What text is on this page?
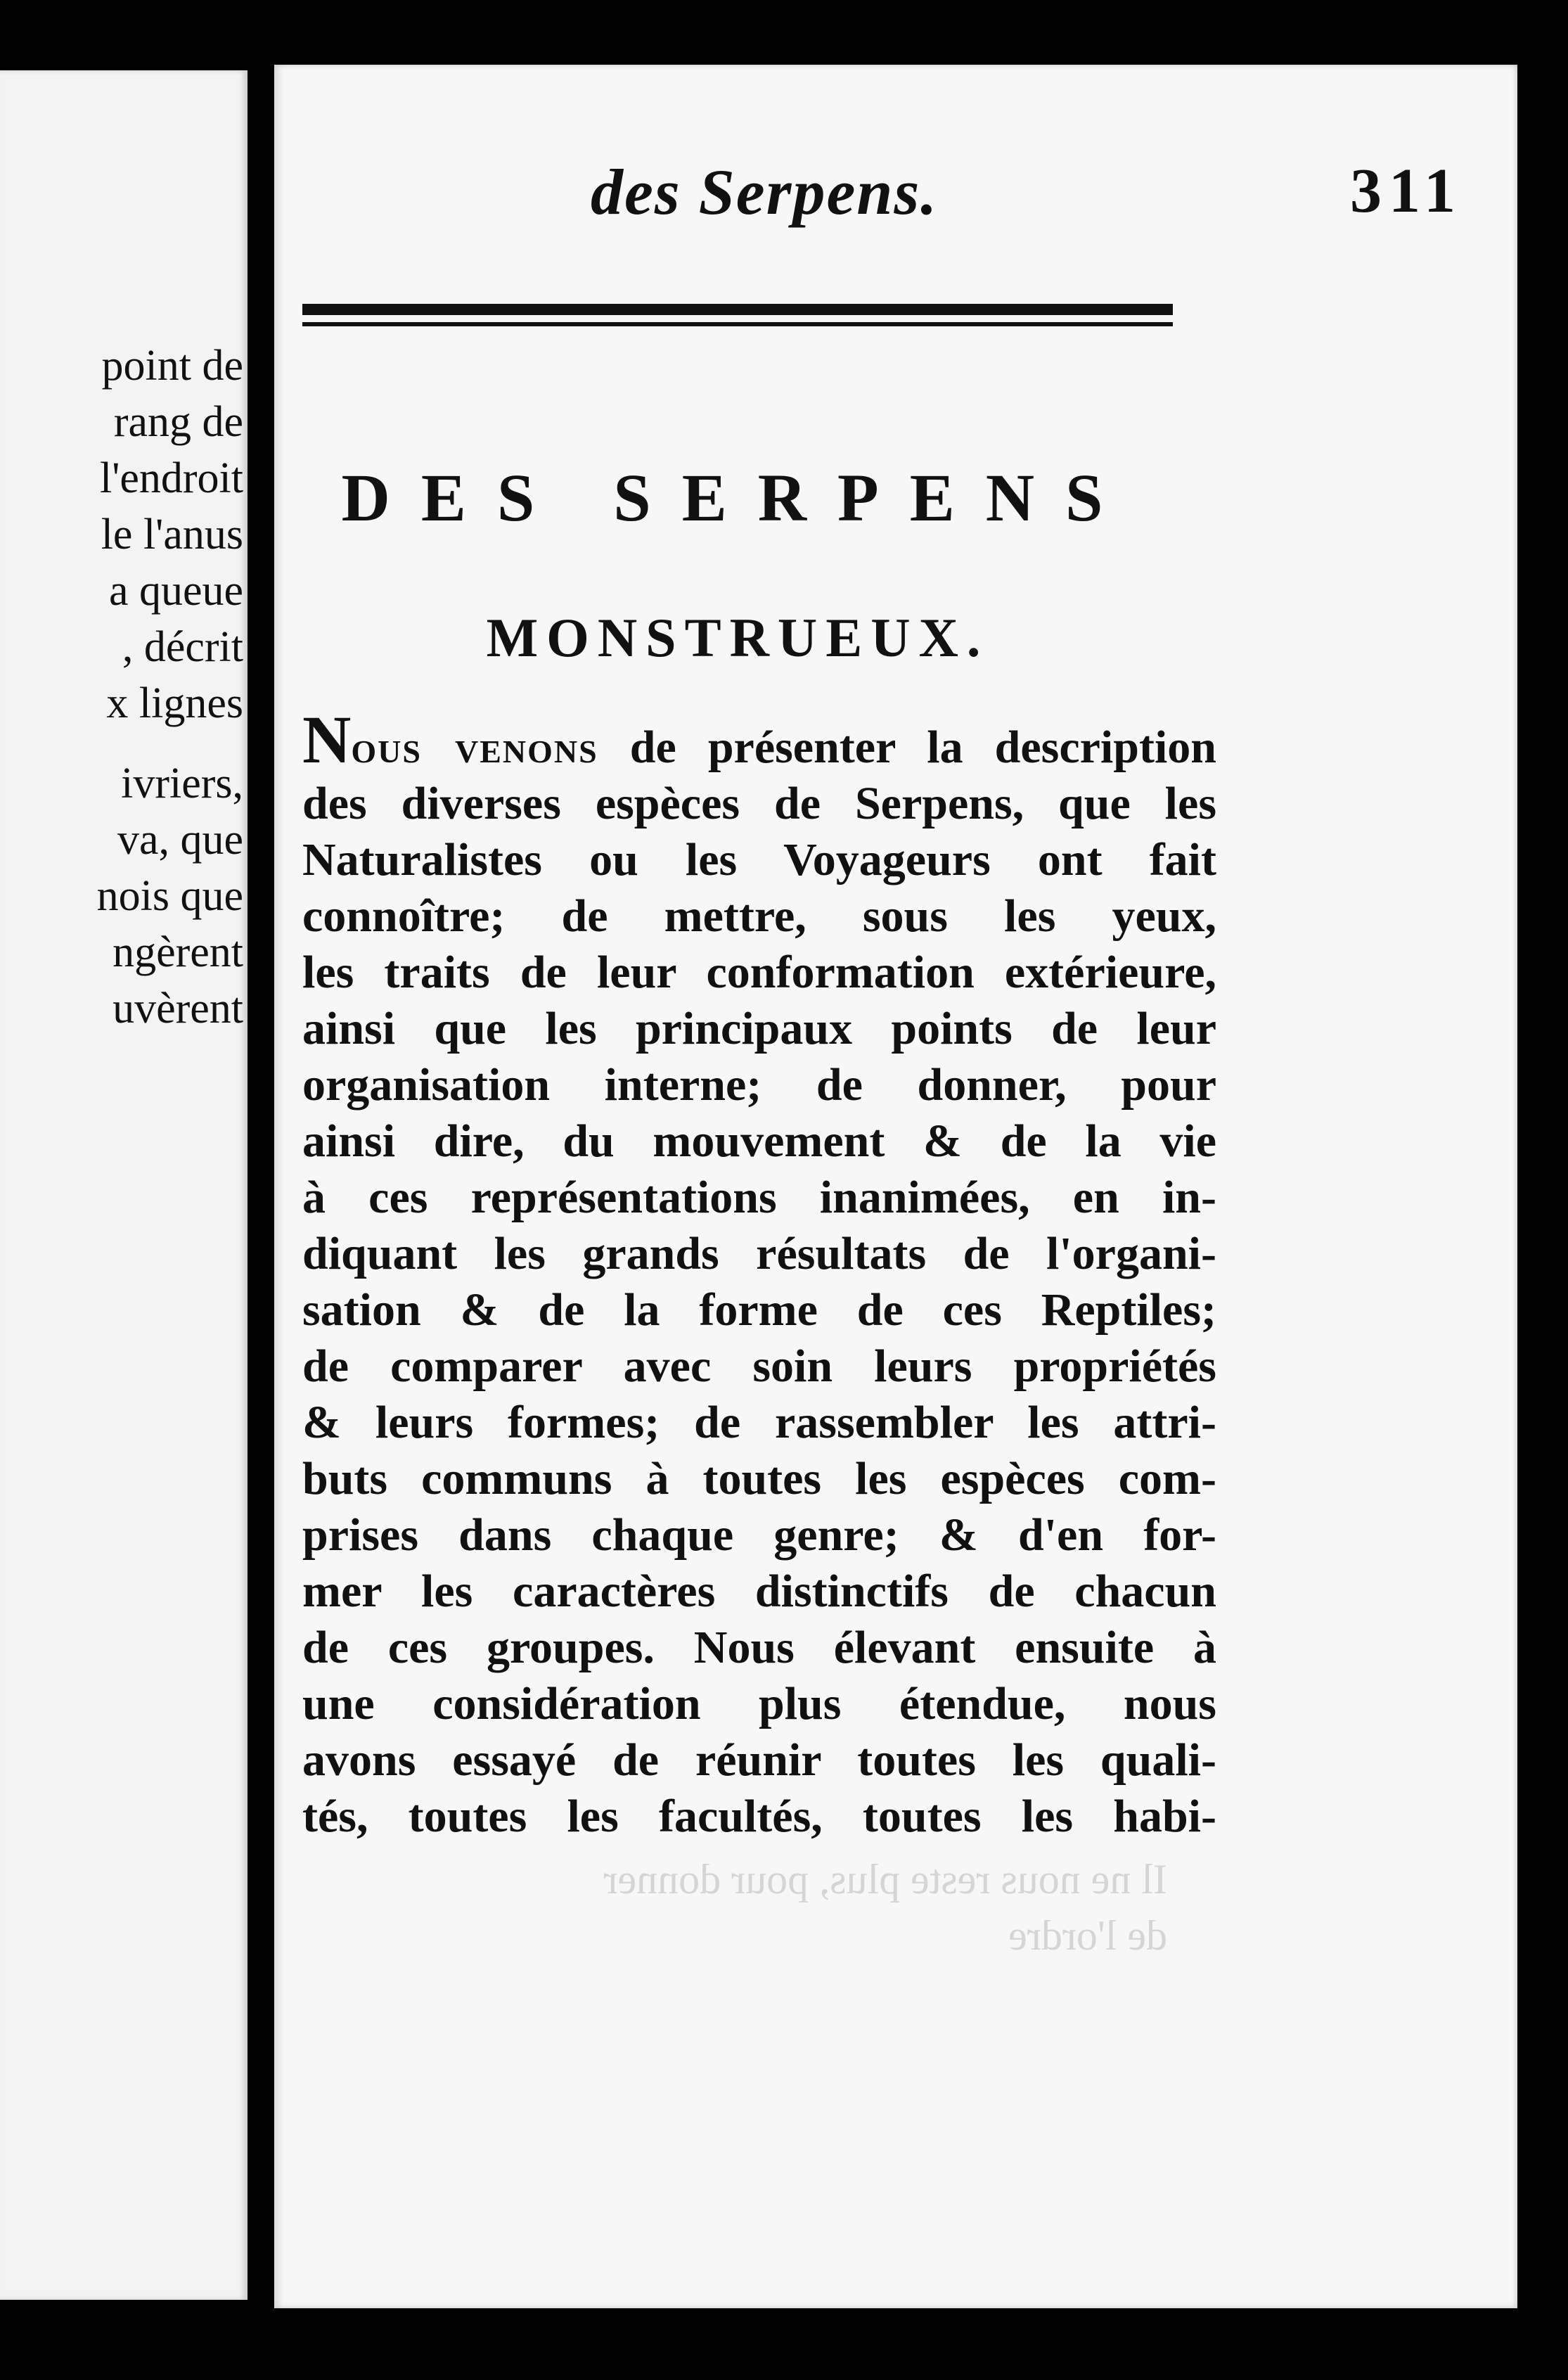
point de
rang de
l'endroit
le l'anus
a queue
, décrit
x lignes
ivriers,
va, que
nois que
ngèrent
uvèrent
des Serpens.	311
DES SERPENS
MONSTRUEUX.
Nous venons de présenter la description
des diverses espèces de Serpens, que les
Naturalistes ou les Voyageurs ont fait
connoître; de mettre, sous les yeux,
les traits de leur conformation extérieure,
ainsi que les principaux points de leur
organisation interne; de donner, pour
ainsi dire, du mouvement & de la vie
à ces représentations inanimées, en in-
diquant les grands résultats de l'organi-
sation & de la forme de ces Reptiles;
de comparer avec soin leurs propriétés
& leurs formes; de rassembler les attri-
buts communs à toutes les espèces com-
prises dans chaque genre; & d'en for-
mer les caractères distinctifs de chacun
de ces groupes. Nous élevant ensuite à
une considération plus étendue, nous
avons essayé de réunir toutes les quali-
tés, toutes les facultés, toutes les habi-
Il ne nous reste plus, pour donner
de l'ordre
